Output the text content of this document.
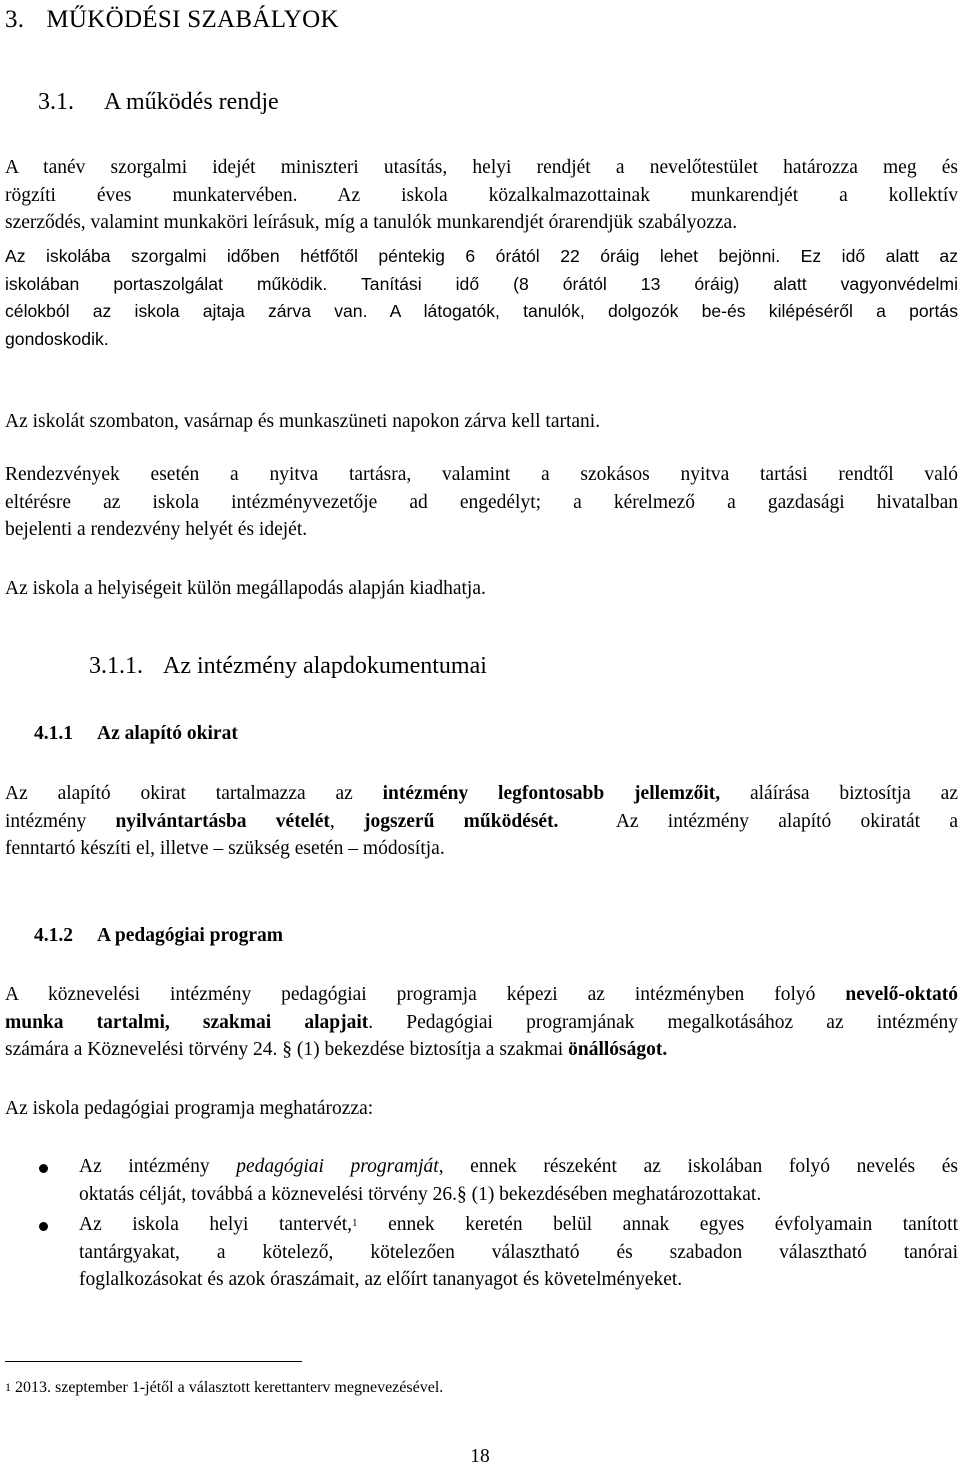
3. MŰKÖDÉSI SZABÁLYOK
3.1. A működés rendje
A tanév szorgalmi idejét miniszteri utasítás, helyi rendjét a nevelőtestület határozza meg és
rögzíti éves munkatervében. Az iskola közalkalmazottainak munkarendjét a kollektív
szerződés, valamint munkaköri leírásuk, míg a tanulók munkarendjét órarendjük szabályozza.
Az iskolába szorgalmi időben hétfőtől péntekig 6 órától 22 óráig lehet bejönni. Ez idő alatt az
iskolában portaszolgálat működik. Tanítási idő (8 órától 13 óráig) alatt vagyonvédelmi
célokból az iskola ajtaja zárva van. A látogatók, tanulók, dolgozók be-és kilépéséről a portás
gondoskodik.
Az iskolát szombaton, vasárnap és munkaszüneti napokon zárva kell tartani.
Rendezvények esetén a nyitva tartásra, valamint a szokásos nyitva tartási rendtől való
eltérésre az iskola intézményvezetője ad engedélyt; a kérelmező a gazdasági hivatalban
bejelenti a rendezvény helyét és idejét.
Az iskola a helyiségeit külön megállapodás alapján kiadhatja.
3.1.1. Az intézmény alapdokumentumai
4.1.1 Az alapító okirat
Az alapító okirat tartalmazza az intézmény legfontosabb jellemzőit, aláírása biztosítja az
intézmény nyilvántartásba vételét, jogszerű működését.  Az intézmény alapító okiratát a
fenntartó készíti el, illetve – szükség esetén – módosítja.
4.1.2 A pedagógiai program
A köznevelési intézmény pedagógiai programja képezi az intézményben folyó nevelő-oktató
munka tartalmi, szakmai alapjait. Pedagógiai programjának megalkotásához az intézmény
számára a Köznevelési törvény 24. § (1) bekezdése biztosítja a szakmai önállóságot.
Az iskola pedagógiai programja meghatározza:
Az intézmény pedagógiai programját, ennek részeként az iskolában folyó nevelés és
oktatás célját, továbbá a köznevelési törvény 26.§ (1) bekezdésében meghatározottakat.
Az iskola helyi tantervét,$^1$ ennek keretén belül annak egyes évfolyamain tanított
tantárgyakat, a kötelező, kötelezően választható és szabadon választható tanórai
foglalkozásokat és azok óraszámait, az előírt tananyagot és követelményeket.
$^1$ 2013. szeptember 1-jétől a választott kerettanterv megnevezésével.
18
